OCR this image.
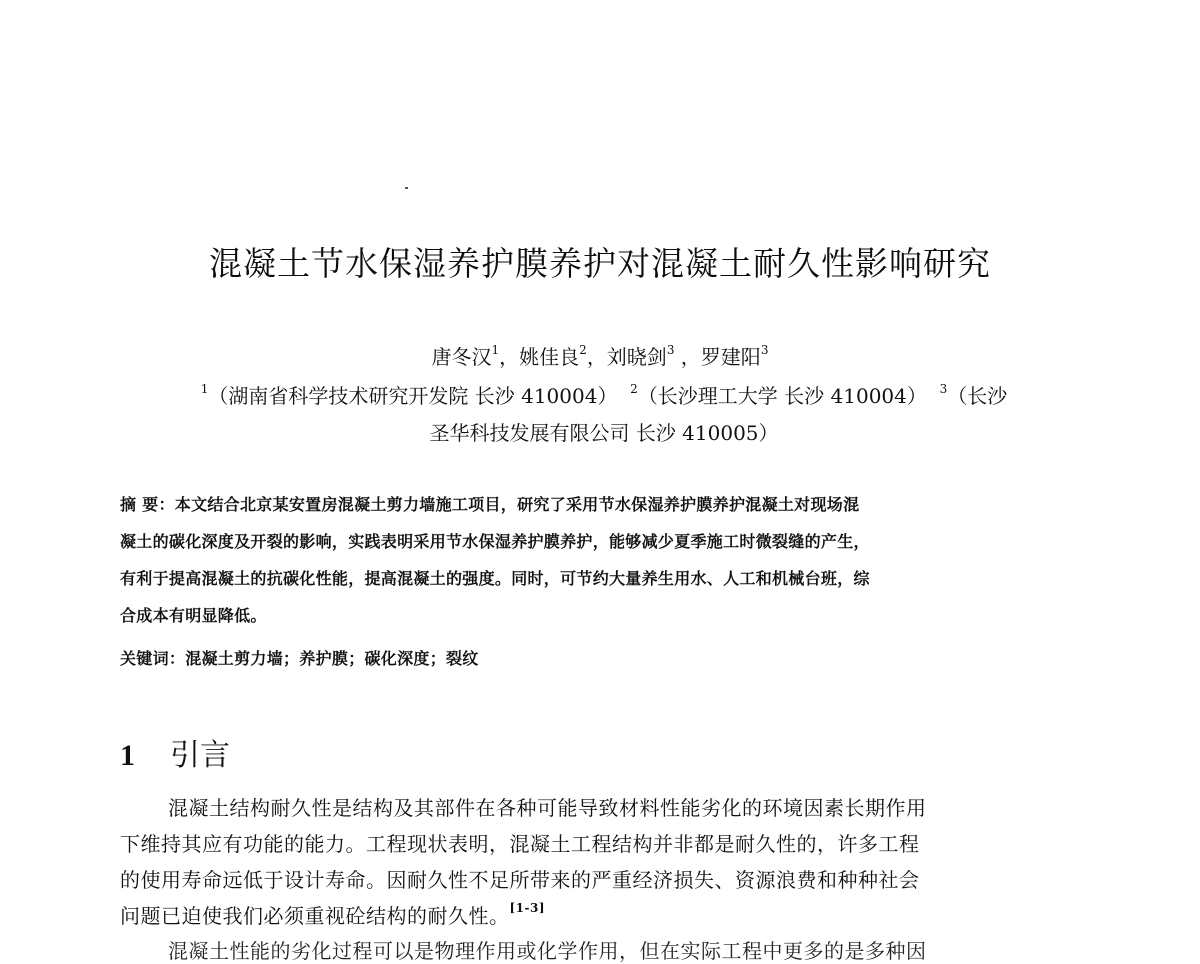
混凝土节水保湿养护膜养护对混凝土耐久性影响研究
唐冬汉$^1$，姚佳良$^2$，刘晓剑$^3$ ，罗建阳$^3$
$^1$（湖南省科学技术研究开发院 长沙 410004） $^2$（长沙理工大学 长沙 410004） $^3$（长沙
圣华科技发展有限公司 长沙 410005）
摘 要：本文结合北京某安置房混凝土剪力墙施工项目，研究了采用节水保湿养护膜养护混凝土对现场混
凝土的碳化深度及开裂的影响，实践表明采用节水保湿养护膜养护，能够减少夏季施工时微裂缝的产生，
有利于提高混凝土的抗碳化性能，提高混凝土的强度。同时，可节约大量养生用水、人工和机械台班，综
合成本有明显降低。
关键词：混凝土剪力墙；养护膜；碳化深度；裂纹
1 引言
混凝土结构耐久性是结构及其部件在各种可能导致材料性能劣化的环境因素长期作用
下维持其应有功能的能力。工程现状表明，混凝土工程结构并非都是耐久性的，许多工程
的使用寿命远低于设计寿命。因耐久性不足所带来的严重经济损失、资源浪费和种种社会
问题已迫使我们必须重视砼结构的耐久性。[1-3]
混凝土性能的劣化过程可以是物理作用或化学作用，但在实际工程中更多的是多种因
